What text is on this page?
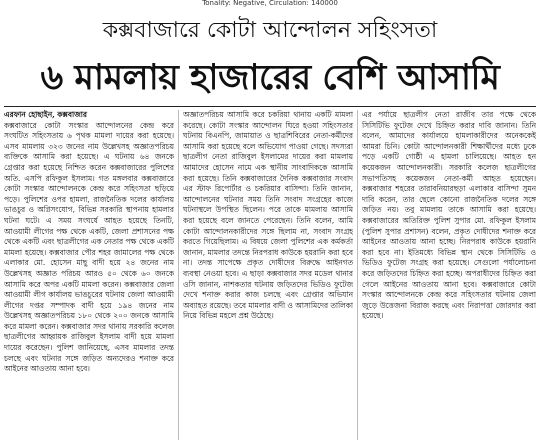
Tonality: Negative, Circulation: 140000
কক্সবাজারে কোটা আন্দোলন সহিংসতা
৬ মামলায় হাজারের বেশি আসামি
এরফান হোছাইন, কক্সবাজার
কক্সবাজারে কোটা সংস্কার আন্দোলনের কেন্দ্র করে সংঘটিত সহিংসতায় ৬ পৃথক মামলা দায়ের করা হয়েছে। এসব মামলায় ৩২৩ জনের নাম উল্লেখসহ অজ্ঞাতপরিচয় ব্যক্তিকে আসামি করা হয়েছে। এ ঘটনায় ৬৪ জনকে গ্রেপ্তার করা হয়েছে নিশ্চিত করেন কক্সবাজারের পুলিশের অতি. এসপি রফিকুল ইসলাম। গত মঙ্গলবার কক্সবাজারে কোটা সংস্কার আন্দোলনকে কেন্দ্র করে সহিংসতা ছড়িয়ে পড়ে। পুলিশের ওপর হামলা, রাজনৈতিক দলের কার্যালয় ভাঙচুর ও অগ্নিসংযোগ, বিভিন্ন সরকারি স্থাপনায় হামলার ঘটনা ঘটে। এ সময় সংঘর্ষে আহত হয়েছে তিনটি, আওয়ামী লীগের পক্ষ থেকে একটি, জেলা প্রশাসনের পক্ষ থেকে একটি এবং ছাত্রলীগের এক নেতার পক্ষ থেকে একটি মামলা হয়েছে। কক্সবাজার পৌর শহর জামালের পক্ষ থেকে এলাকার মো. হোসেন মাছু বাদী হয়ে ২৪ জনের নাম উল্লেখসহ অজ্ঞাত পরিচয় আরও ৫০ থেকে ৬০ জনকে আসামি করে অপর একটি মামলা করেন। কক্সবাজার জেলা আওয়ামী লীগ কার্যালয় ভাঙচুরের ঘটনায় জেলা আওয়ামী লীগের দপ্তর সম্পাদক বাদী হয়ে ১৯৪ জনের নাম উল্লেখসহ অজ্ঞাতপরিচয় ১৮০ থেকে ২০০ জনকে আসামি করে মামলা করেন। কক্সবাজার সদর থানায় সরকারি কলেজ ছাত্রলীগের আহ্বায়ক রাজিবুল ইসলাম বাদী হয়ে মামলা দায়ের করেছেন। পুলিশ জানিয়েছে, এসব মামলার তদন্ত চলছে এবং ঘটনার সঙ্গে জড়িত অন্যদেরও শনাক্ত করে আইনের আওতায় আনা হবে।
অজ্ঞাতপরিচয় আসামি করে চকরিয়া থানায় একটি মামলা করেছে। কোটা সংস্কার আন্দোলন ঘিরে হওয়া সহিংসতার ঘটনায় বিএনপি, জামায়াত ও ছাত্রশিবিরের নেতা-কর্মীদের আসামি করা হয়েছে বলে অভিযোগ পাওয়া গেছে। সদস্যরা ছাত্রলীগ নেতা রাজিবুল ইসলামের দায়ের করা মামলায় আমাদের হোসেন নামে এক স্থানীয় সাংবাদিককে আসামি করা হয়েছে। তিনি কক্সবাজারের দৈনিক কক্সবাজার সংবাদ এর স্টাফ রিপোর্টার ও চকরিয়ার বাসিন্দা। তিনি জানান, আন্দোলনের ঘটনার সময় তিনি সংবাদ সংগ্রহের কাজে ঘটনাস্থলে উপস্থিত ছিলেন। পরে তাকে মামলায় আসামি করা হয়েছে বলে জানতে পেরেছেন। তিনি বলেন, আমি কোটা আন্দোলনকারীদের সঙ্গে ছিলাম না, সংবাদ সংগ্রহ করতে গিয়েছিলাম। এ বিষয়ে জেলা পুলিশের এক কর্মকর্তা জানান, মামলার তদন্তে নিরপরাধ কাউকে হয়রানি করা হবে না। তদন্ত সাপেক্ষে প্রকৃত দোষীদের বিরুদ্ধে আইনগত ব্যবস্থা নেওয়া হবে। এ ছাড়া কক্সবাজার সদর মডেল থানার ওসি জানান, নাশকতার ঘটনায় জড়িতদের ভিডিও ফুটেজ দেখে শনাক্ত করার কাজ চলছে এবং গ্রেপ্তার অভিযান অব্যাহত রয়েছে। তবে মামলার বাদী ও আসামিদের তালিকা নিয়ে বিভিন্ন মহলে প্রশ্ন উঠেছে।
এর পর্যায়ে ছাত্রলীগ নেতা রাজীব তার পক্ষে থেকে সিসিটিভি ফুটেজ দেখে চিহ্নিত করার দাবি জানান। তিনি বলেন, আমাদের কার্যালয়ে হামলাকারীদের অনেককেই আমরা চিনি। কোটা আন্দোলনকারী শিক্ষার্থীদের মধ্যে ঢুকে পড়ে একটি গোষ্ঠী এ হামলা চালিয়েছে। আহত হন কয়েকজন আন্দোলনকারী। সরকারি কলেজ ছাত্রলীগের সভাপতিসহ কয়েকজন নেতা-কর্মী আহত হয়েছেন। কক্সবাজার শহরের তারাবনিয়ারছড়া এলাকার বাসিন্দা সুমন দাবি করেন, তার ছেলে কোনো রাজনৈতিক দলের সঙ্গে জড়িত নয়। তবু মামলায় তাকে আসামি করা হয়েছে। কক্সবাজারের অতিরিক্ত পুলিশ সুপার মো. রফিকুল ইসলাম (পুলিশ সুপার প্রশাসন) বলেন, প্রকৃত দোষীদের শনাক্ত করে আইনের আওতায় আনা হচ্ছে। নিরপরাধ কাউকে হয়রানি করা হবে না। ইতিমধ্যে বিভিন্ন স্থান থেকে সিসিটিভি ও ভিডিও ফুটেজ সংগ্রহ করা হয়েছে। সেগুলো পর্যালোচনা করে জড়িতদের চিহ্নিত করা হচ্ছে। অপরাধীদের চিহ্নিত করা গেলে আইনের আওতায় আনা হবে। কক্সবাজারে কোটা সংস্কার আন্দোলনকে কেন্দ্র করে সহিংসতার ঘটনায় জেলা জুড়ে উত্তেজনা বিরাজ করছে এবং নিরাপত্তা জোরদার করা হয়েছে।
